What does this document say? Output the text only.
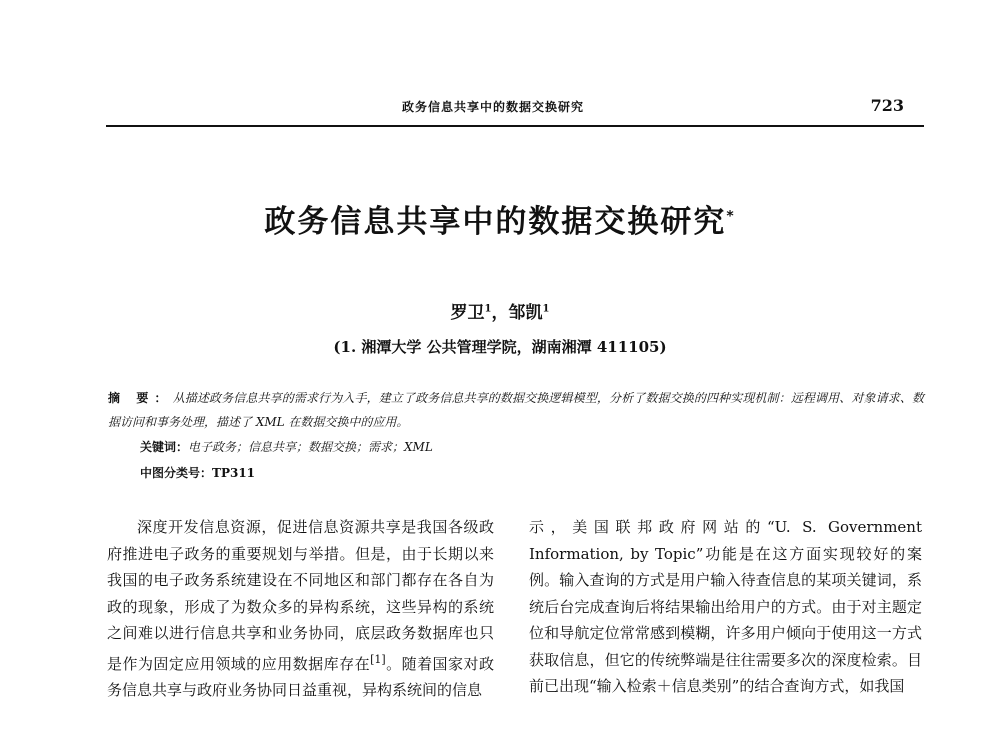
政务信息共享中的数据交换研究	723
政务信息共享中的数据交换研究*
罗卫$^1$，邹凯$^1$
(1. 湘潭大学 公共管理学院，湖南湘潭 411105)
摘 要：从描述政务信息共享的需求行为入手，建立了政务信息共享的数据交换逻辑模型，分析了数据交换的四种实现机制：远程调用、对象请求、数据访问和事务处理，描述了 XML 在数据交换中的应用。
关键词：电子政务；信息共享；数据交换；需求；XML
中图分类号：TP311

深度开发信息资源，促进信息资源共享是我国各级政府推进电子政务的重要规划与举措。但是，由于长期以来我国的电子政务系统建设在不同地区和部门都存在各自为政的现象，形成了为数众多的异构系统，这些异构的系统之间难以进行信息共享和业务协同，底层政务数据库也只是作为固定应用领域的应用数据库存在[1]。随着国家对政务信息共享与政府业务协同日益重视，异构系统间的信息

示，美国联邦政府网站的“U. S. Government Information, by Topic”功能是在这方面实现较好的案例。输入查询的方式是用户输入待查信息的某项关键词，系统后台完成查询后将结果输出给用户的方式。由于对主题定位和导航定位常常感到模糊，许多用户倾向于使用这一方式获取信息，但它的传统弊端是往往需要多次的深度检索。目前已出现“输入检索＋信息类别”的结合查询方式，如我国
